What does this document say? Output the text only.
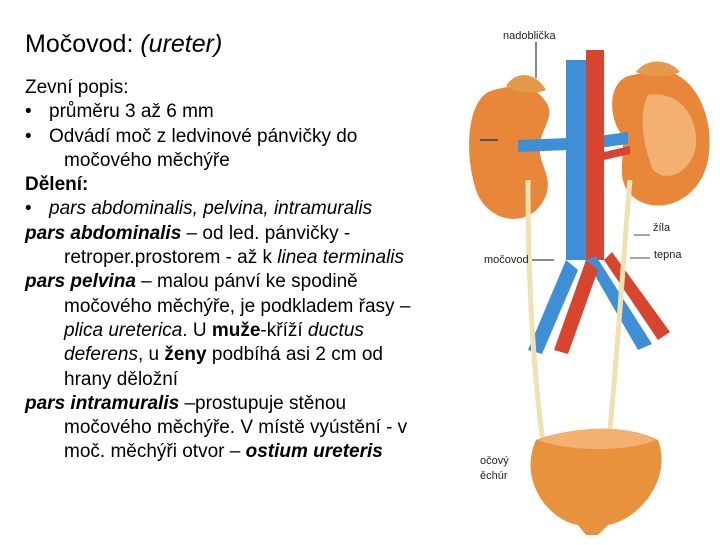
nadoblička
žíla
tepna
močovod
očový
ěchúr
Močovod: (ureter)

Zevní popis:

• průměru 3 až 6 mm

• Odvádí moč z ledvinové pánvičky do

močového měchýře

Dělení:

• pars abdominalis, pelvina, intramuralis

pars abdominalis – od led. pánvičky -

retroper.prostorem - až k linea terminalis

pars pelvina – malou pánví ke spodině

močového měchýře, je podkladem řasy –

plica ureterica. U muže-kříží ductus

deferens, u ženy podbíhá asi 2 cm od

hrany děložní

pars intramuralis –prostupuje stěnou

močového měchýře. V místě vyústění - v

moč. měchýři otvor – ostium ureteris
